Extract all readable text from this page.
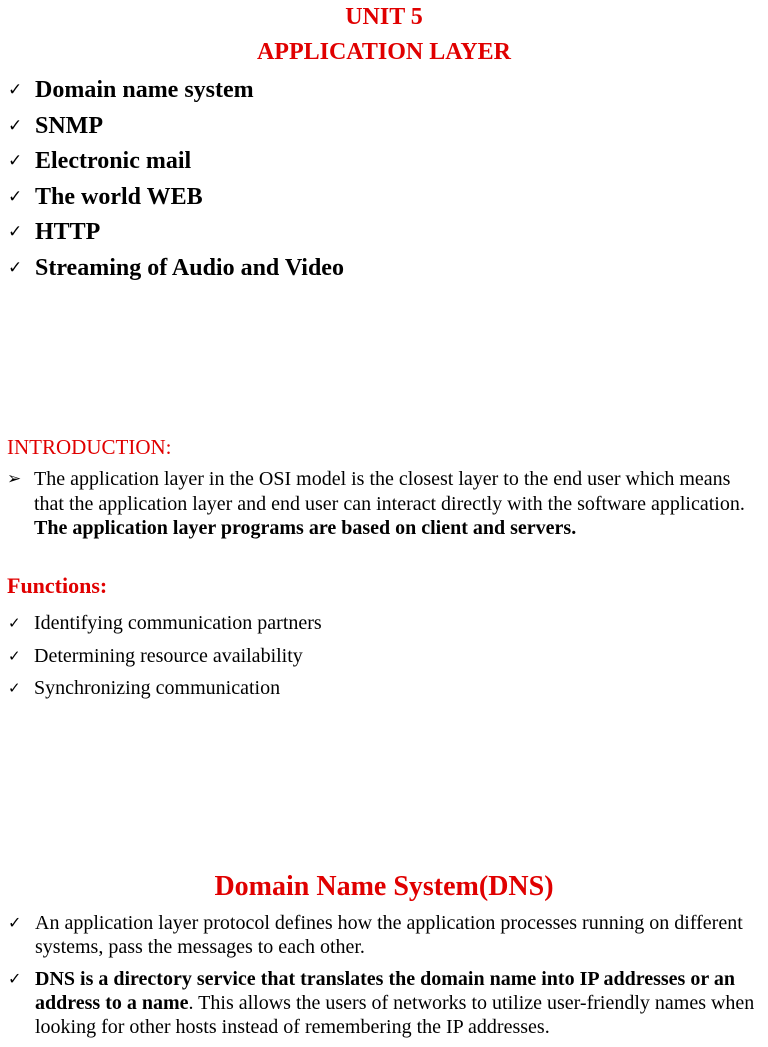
UNIT 5
APPLICATION LAYER
✓ Domain name system
✓ SNMP
✓ Electronic mail
✓ The world WEB
✓ HTTP
✓ Streaming of Audio and Video
INTRODUCTION:

➢ The application layer in the OSI model is the closest layer to the end user which means that the application layer and end user can interact directly with the software application. The application layer programs are based on client and servers.

Functions:
✓ Identifying communication partners
✓ Determining resource availability
✓ Synchronizing communication
Domain Name System(DNS)
✓ An application layer protocol defines how the application processes running on different systems, pass the messages to each other.
✓ DNS is a directory service that translates the domain name into IP addresses or an address to a name. This allows the users of networks to utilize user-friendly names when looking for other hosts instead of remembering the IP addresses.
